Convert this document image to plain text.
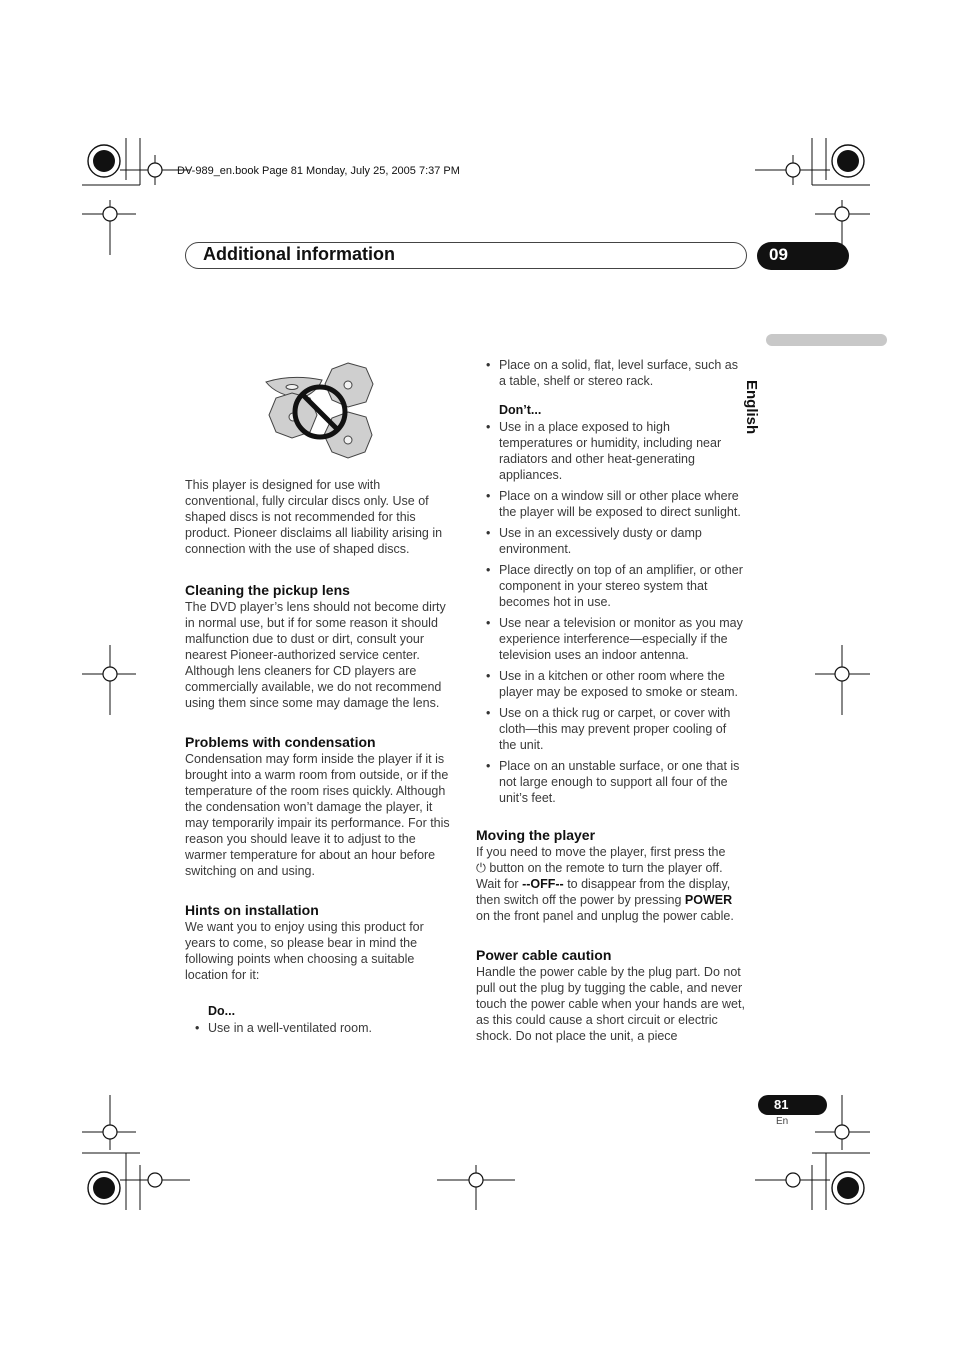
DV-989_en.book Page 81 Monday, July 25, 2005 7:37 PM
Additional information	09
English

This player is designed for use with conventional, fully circular discs only. Use of shaped discs is not recommended for this product. Pioneer disclaims all liability arising in connection with the use of shaped discs.

Cleaning the pickup lens

The DVD player’s lens should not become dirty in normal use, but if for some reason it should malfunction due to dust or dirt, consult your nearest Pioneer-authorized service center. Although lens cleaners for CD players are commercially available, we do not recommend using them since some may damage the lens.

Problems with condensation

Condensation may form inside the player if it is brought into a warm room from outside, or if the temperature of the room rises quickly. Although the condensation won’t damage the player, it may temporarily impair its performance. For this reason you should leave it to adjust to the warmer temperature for about an hour before switching on and using.

Hints on installation

We want you to enjoy using this product for years to come, so please bear in mind the following points when choosing a suitable location for it:

Do...
• Use in a well-ventilated room.
• Place on a solid, flat, level surface, such as a table, shelf or stereo rack.
Don’t...
• Use in a place exposed to high temperatures or humidity, including near radiators and other heat-generating appliances.
• Place on a window sill or other place where the player will be exposed to direct sunlight.
• Use in an excessively dusty or damp environment.
• Place directly on top of an amplifier, or other component in your stereo system that becomes hot in use.
• Use near a television or monitor as you may experience interference—especially if the television uses an indoor antenna.
• Use in a kitchen or other room where the player may be exposed to smoke or steam.
• Use on a thick rug or carpet, or cover with cloth—this may prevent proper cooling of the unit.
• Place on an unstable surface, or one that is not large enough to support all four of the unit’s feet.
Moving the player

If you need to move the player, first press the
⏻ button on the remote to turn the player off. Wait for --OFF-- to disappear from the display, then switch off the power by pressing POWER on the front panel and unplug the power cable.

Power cable caution

Handle the power cable by the plug part. Do not pull out the plug by tugging the cable, and never touch the power cable when your hands are wet, as this could cause a short circuit or electric shock. Do not place the unit, a piece

81
En
